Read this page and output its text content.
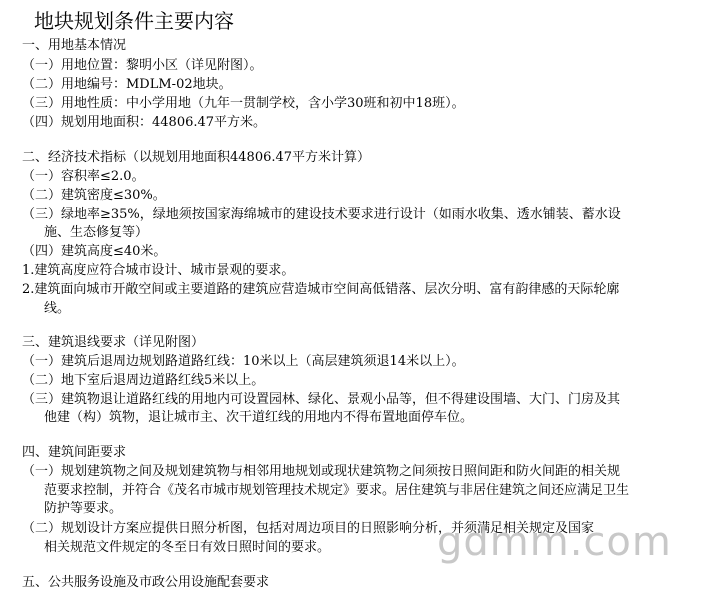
地块规划条件主要内容
一、用地基本情况
（一）用地位置：黎明小区（详见附图）。
（二）用地编号：MDLM-02地块。
（三）用地性质：中小学用地（九年一贯制学校，含小学30班和初中18班）。
（四）规划用地面积：44806.47平方米。
二、经济技术指标（以规划用地面积44806.47平方米计算）
（一）容积率≤2.0。
（二）建筑密度≤30%。
（三）绿地率≥35%，绿地须按国家海绵城市的建设技术要求进行设计（如雨水收集、透水铺装、蓄水设
施、生态修复等）
（四）建筑高度≤40米。
1.建筑高度应符合城市设计、城市景观的要求。
2.建筑面向城市开敞空间或主要道路的建筑应营造城市空间高低错落、层次分明、富有韵律感的天际轮廓
线。
三、建筑退线要求（详见附图）
（一）建筑后退周边规划路道路红线：10米以上（高层建筑须退14米以上）。
（二）地下室后退周边道路红线5米以上。
（三）建筑物退让道路红线的用地内可设置园林、绿化、景观小品等，但不得建设围墙、大门、门房及其
他建（构）筑物，退让城市主、次干道红线的用地内不得布置地面停车位。
四、建筑间距要求
（一）规划建筑物之间及规划建筑物与相邻用地规划或现状建筑物之间须按日照间距和防火间距的相关规
范要求控制，并符合《茂名市城市规划管理技术规定》要求。居住建筑与非居住建筑之间还应满足卫生
防护等要求。
（二）规划设计方案应提供日照分析图，包括对周边项目的日照影响分析，并须满足相关规定及国家
相关规范文件规定的冬至日有效日照时间的要求。
五、公共服务设施及市政公用设施配套要求
gdmm.com
